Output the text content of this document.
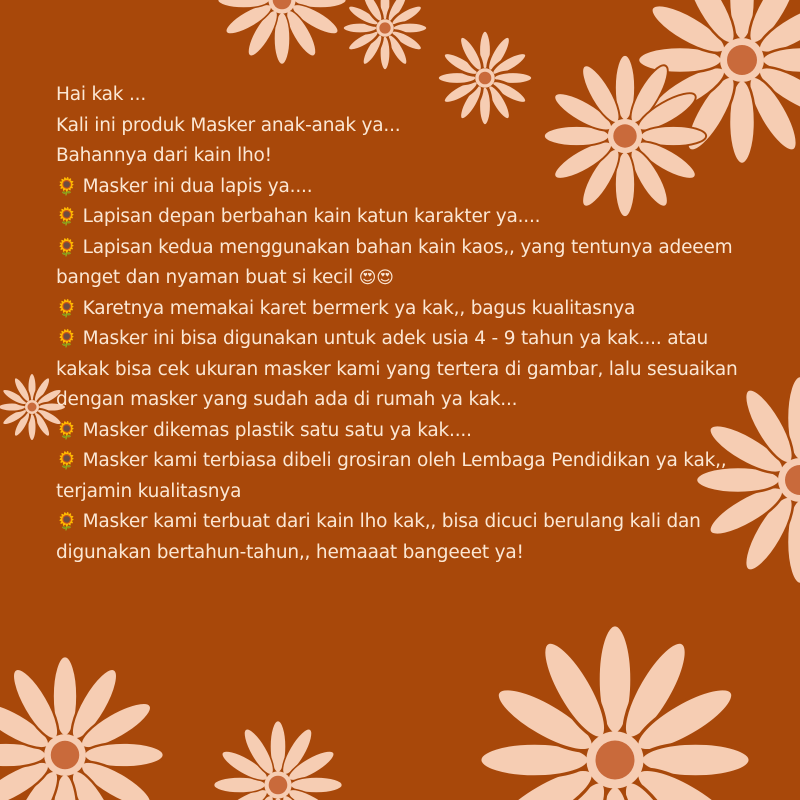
Hai kak ...
Kali ini produk Masker anak-anak ya...
Bahannya dari kain lho!
🌻 Masker ini dua lapis ya....
🌻 Lapisan depan berbahan kain katun karakter ya....
🌻 Lapisan kedua menggunakan bahan kain kaos,, yang tentunya adeeem
banget dan nyaman buat si kecil 😍😍
🌻 Karetnya memakai karet bermerk ya kak,, bagus kualitasnya
🌻 Masker ini bisa digunakan untuk adek usia 4 - 9 tahun ya kak.... atau
kakak bisa cek ukuran masker kami yang tertera di gambar, lalu sesuaikan
dengan masker yang sudah ada di rumah ya kak...
🌻 Masker dikemas plastik satu satu ya kak....
🌻 Masker kami terbiasa dibeli grosiran oleh Lembaga Pendidikan ya kak,,
terjamin kualitasnya
🌻 Masker kami terbuat dari kain lho kak,, bisa dicuci berulang kali dan
digunakan bertahun-tahun,, hemaaat bangeeet ya!
